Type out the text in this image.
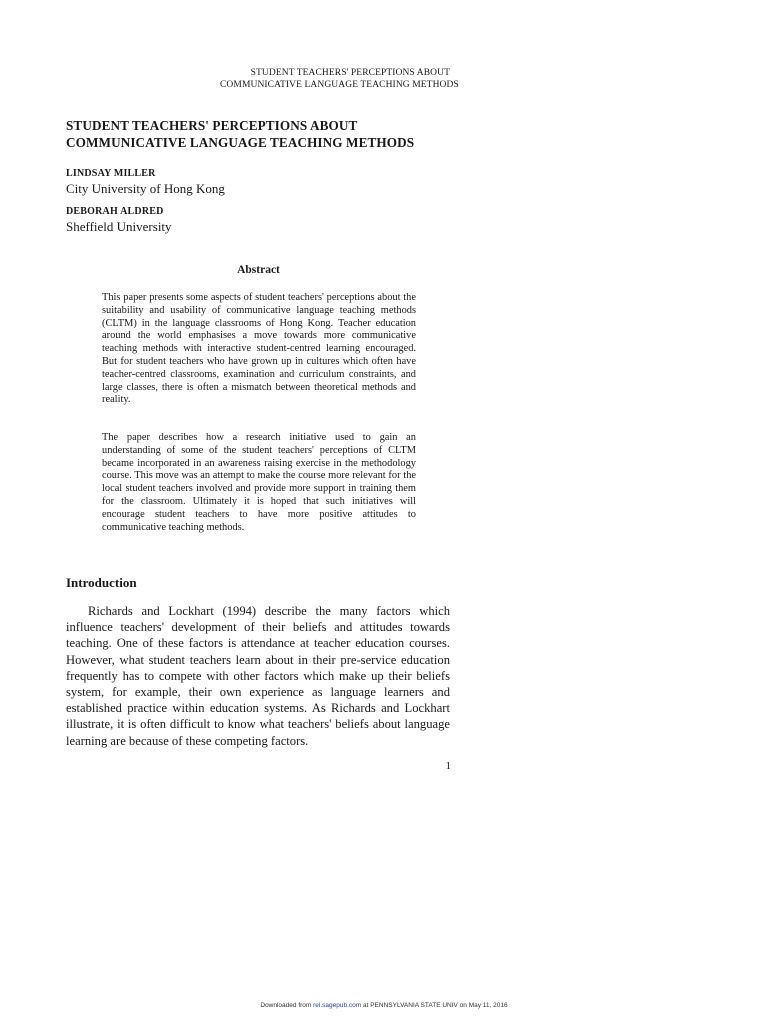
STUDENT TEACHERS' PERCEPTIONS ABOUT
COMMUNICATIVE LANGUAGE TEACHING METHODS
STUDENT TEACHERS' PERCEPTIONS ABOUT COMMUNICATIVE LANGUAGE TEACHING METHODS
LINDSAY MILLER
City University of Hong Kong
DEBORAH ALDRED
Sheffield University
Abstract

This paper presents some aspects of student teachers' perceptions about the suitability and usability of communicative language teaching methods (CLTM) in the language classrooms of Hong Kong. Teacher education around the world emphasises a move towards more communicative teaching methods with interactive student-centred learning encouraged. But for student teachers who have grown up in cultures which often have teacher-centred classrooms, examination and curriculum constraints, and large classes, there is often a mismatch between theoretical methods and reality.

The paper describes how a research initiative used to gain an understanding of some of the student teachers' perceptions of CLTM became incorporated in an awareness raising exercise in the methodology course. This move was an attempt to make the course more relevant for the local student teachers involved and provide more support in training them for the classroom. Ultimately it is hoped that such initiatives will encourage student teachers to have more positive attitudes to communicative teaching methods.

Introduction

Richards and Lockhart (1994) describe the many factors which influence teachers' development of their beliefs and attitudes towards teaching. One of these factors is attendance at teacher education courses. However, what student teachers learn about in their pre-service education frequently has to compete with other factors which make up their beliefs system, for example, their own experience as language learners and established practice within education systems. As Richards and Lockhart illustrate, it is often difficult to know what teachers' beliefs about language learning are because of these competing factors.

1
Downloaded from rel.sagepub.com at PENNSYLVANIA STATE UNIV on May 11, 2016
